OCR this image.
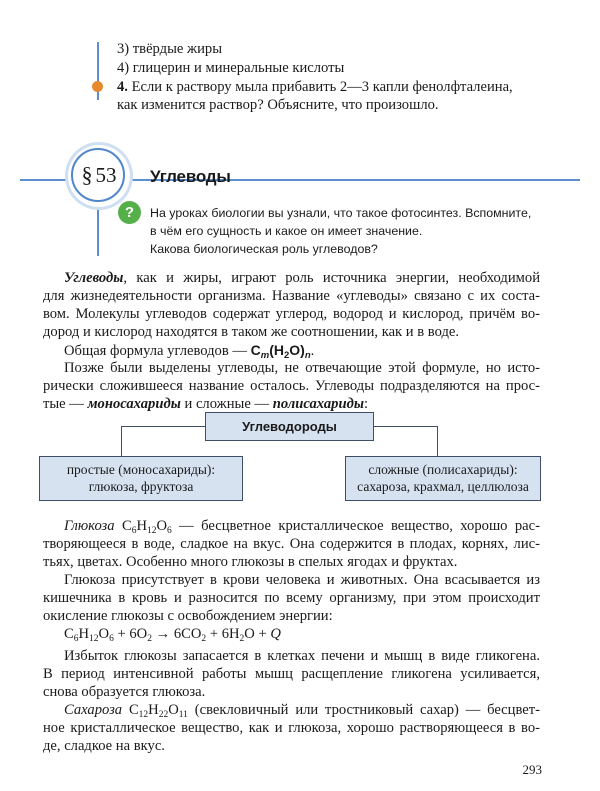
3) твёрдые жиры
4) глицерин и минеральные кислоты
4. Если к раствору мыла прибавить 2—3 капли фенолфталеина,
как изменится раствор? Объясните, что произошло.
§ 53	Углеводы
?	На уроках биологии вы узнали, что такое фотосинтез. Вспомните,
в чём его сущность и какое он имеет значение.
Какова биологическая роль углеводов?
Углеводы, как и жиры, играют роль источника энергии, необходимой
для жизнедеятельности организма. Название «углеводы» связано с их соста-
вом. Молекулы углеводов содержат углерод, водород и кислород, причём во-
дород и кислород находятся в таком же соотношении, как и в воде.
Общая формула углеводов — $C_m(H_2O)_n$.
Позже были выделены углеводы, не отвечающие этой формуле, но исто-
рически сложившееся название осталось. Углеводы подразделяются на прос-
тые — моносахариды и сложные — полисахариды:
Углеводороды
простые (моносахариды):
глюкоза, фруктоза
сложные (полисахариды):
сахароза, крахмал, целлюлоза
Глюкоза $C_6H_{12}O_6$ — бесцветное кристаллическое вещество, хорошо рас-
творяющееся в воде, сладкое на вкус. Она содержится в плодах, корнях, лис-
тьях, цветах. Особенно много глюкозы в спелых ягодах и фруктах.
Глюкоза присутствует в крови человека и животных. Она всасывается из
кишечника в кровь и разносится по всему организму, при этом происходит
окисление глюкозы с освобождением энергии:
$C_6H_{12}O_6 + 6O_2 \to 6CO_2 + 6H_2O + Q$
Избыток глюкозы запасается в клетках печени и мышц в виде гликогена.
В период интенсивной работы мышц расщепление гликогена усиливается,
снова образуется глюкоза.
Сахароза $C_{12}H_{22}O_{11}$ (свекловичный или тростниковый сахар) — бесцвет-
ное кристаллическое вещество, как и глюкоза, хорошо растворяющееся в во-
де, сладкое на вкус.
293
